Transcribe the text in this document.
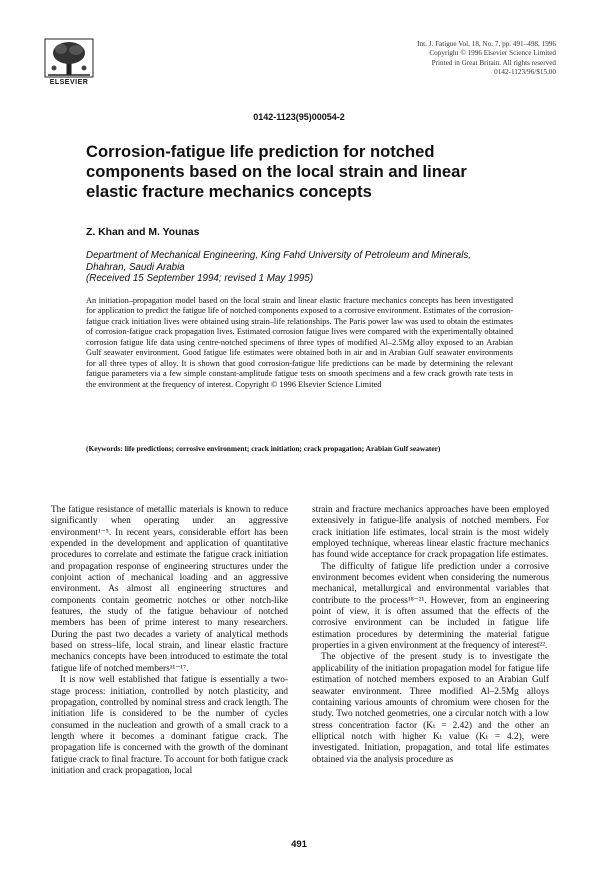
ELSEVIER
Int. J. Fatigue Vol. 18, No. 7, pp. 491–498, 1996
Copyright © 1996 Elsevier Science Limited
Printed in Great Britain. All rights reserved
0142-1123/96/$15.00
0142-1123(95)00054-2
Corrosion-fatigue life prediction for notched components based on the local strain and linear elastic fracture mechanics concepts
Z. Khan and M. Younas
Department of Mechanical Engineering, King Fahd University of Petroleum and Minerals, Dhahran, Saudi Arabia
(Received 15 September 1994; revised 1 May 1995)

An initiation–propagation model based on the local strain and linear elastic fracture mechanics concepts has been investigated for application to predict the fatigue life of notched components exposed to a corrosive environment. Estimates of the corrosion-fatigue crack initiation lives were obtained using strain–life relationships. The Paris power law was used to obtain the estimates of corrosion-fatigue crack propagation lives. Estimated corrosion fatigue lives were compared with the experimentally obtained corrosion fatigue life data using centre-notched specimens of three types of modified Al–2.5Mg alloy exposed to an Arabian Gulf seawater environment. Good fatigue life estimates were obtained both in air and in Arabian Gulf seawater environments for all three types of alloy. It is shown that good corrosion-fatigue life predictions can be made by determining the relevant fatigue parameters via a few simple constant-amplitude fatigue tests on smooth specimens and a few crack growth rate tests in the environment at the frequency of interest. Copyright © 1996 Elsevier Science Limited

(Keywords: life predictions; corrosive environment; crack initiation; crack propagation; Arabian Gulf seawater)

The fatigue resistance of metallic materials is known to reduce significantly when operating under an aggressive environment¹⁻⁵. In recent years, considerable effort has been expended in the development and application of quantitative procedures to correlate and estimate the fatigue crack initiation and propagation response of engineering structures under the conjoint action of mechanical loading and an aggressive environment. As almost all engineering structures and components contain geometric notches or other notch-like features, the study of the fatigue behaviour of notched members has been of prime interest to many researchers. During the past two decades a variety of analytical methods based on stress–life, local strain, and linear elastic fracture mechanics concepts have been introduced to estimate the total fatigue life of notched members¹¹⁻¹⁷.

It is now well established that fatigue is essentially a two-stage process: initiation, controlled by notch plasticity, and propagation, controlled by nominal stress and crack length. The initiation life is considered to be the number of cycles consumed in the nucleation and growth of a small crack to a length where it becomes a dominant fatigue crack. The propagation life is concerned with the growth of the dominant fatigue crack to final fracture. To account for both fatigue crack initiation and crack propagation, local

strain and fracture mechanics approaches have been employed extensively in fatigue-life analysis of notched members. For crack initiation life estimates, local strain is the most widely employed technique, whereas linear elastic fracture mechanics has found wide acceptance for crack propagation life estimates.

The difficulty of fatigue life prediction under a corrosive environment becomes evident when considering the numerous mechanical, metallurgical and environmental variables that contribute to the process¹⁸⁻²¹. However, from an engineering point of view, it is often assumed that the effects of the corrosive environment can be included in fatigue life estimation procedures by determining the material fatigue properties in a given environment at the frequency of interest²².

The objective of the present study is to investigate the applicability of the initiation propagation model for fatigue life estimation of notched members exposed to an Arabian Gulf seawater environment. Three modified Al–2.5Mg alloys containing various amounts of chromium were chosen for the study. Two notched geometries, one a circular notch with a low stress concentration factor (Kₜ = 2.42) and the other an elliptical notch with higher Kₜ value (Kₜ = 4.2), were investigated. Initiation, propagation, and total life estimates obtained via the analysis procedure as

491
